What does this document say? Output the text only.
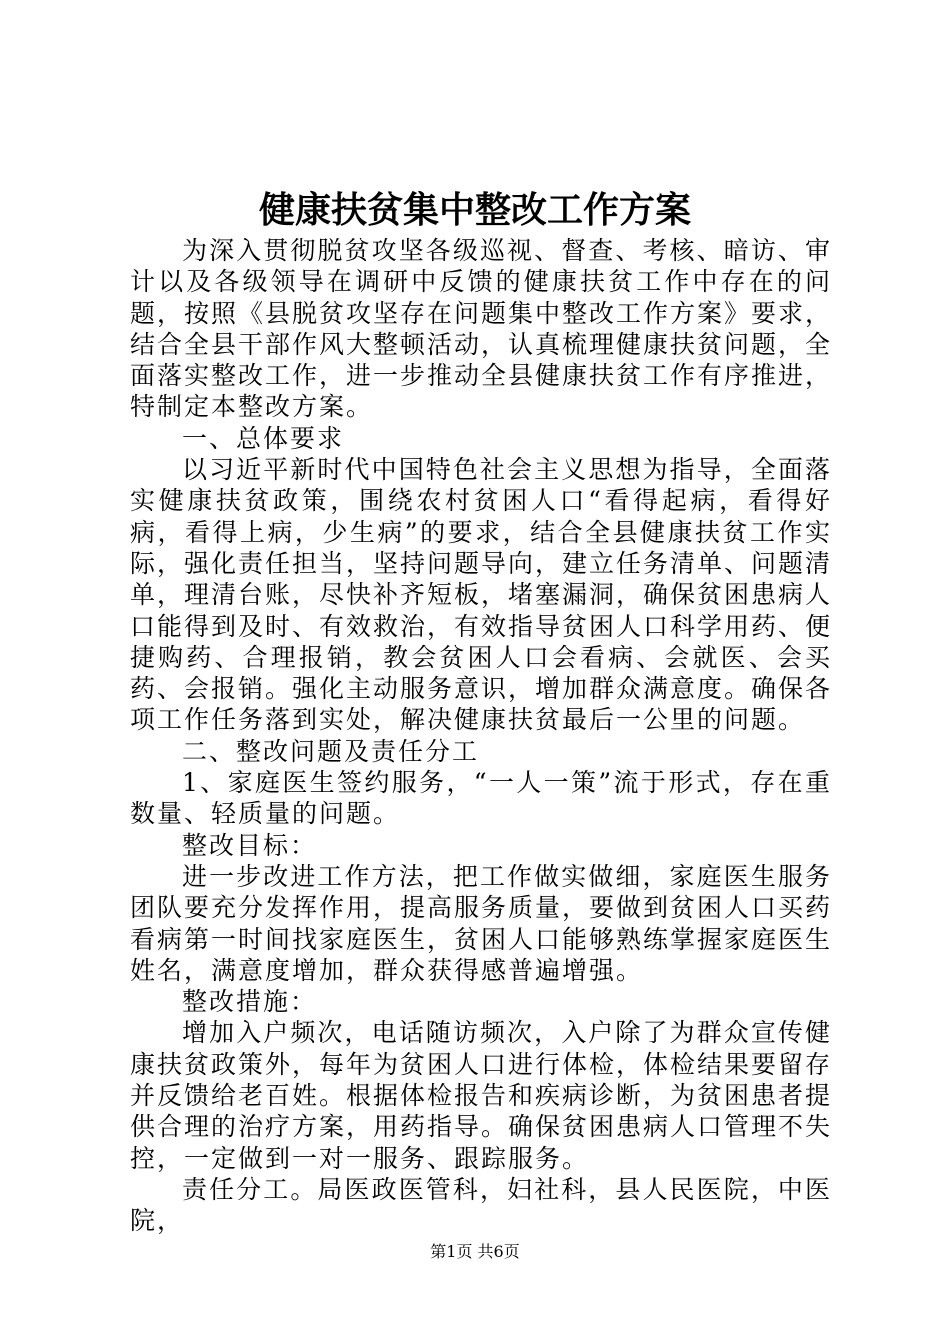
健康扶贫集中整改工作方案

为深入贯彻脱贫攻坚各级巡视、督查、考核、暗访、审计以及各级领导在调研中反馈的健康扶贫工作中存在的问题，按照《县脱贫攻坚存在问题集中整改工作方案》要求，结合全县干部作风大整顿活动，认真梳理健康扶贫问题，全面落实整改工作，进一步推动全县健康扶贫工作有序推进，特制定本整改方案。

一、总体要求

以习近平新时代中国特色社会主义思想为指导，全面落实健康扶贫政策，围绕农村贫困人口“看得起病，看得好病，看得上病，少生病”的要求，结合全县健康扶贫工作实际，强化责任担当，坚持问题导向，建立任务清单、问题清单，理清台账，尽快补齐短板，堵塞漏洞，确保贫困患病人口能得到及时、有效救治，有效指导贫困人口科学用药、便捷购药、合理报销，教会贫困人口会看病、会就医、会买药、会报销。强化主动服务意识，增加群众满意度。确保各项工作任务落到实处，解决健康扶贫最后一公里的问题。

二、整改问题及责任分工

1、家庭医生签约服务，“一人一策”流于形式，存在重数量、轻质量的问题。

整改目标：

进一步改进工作方法，把工作做实做细，家庭医生服务团队要充分发挥作用，提高服务质量，要做到贫困人口买药看病第一时间找家庭医生，贫困人口能够熟练掌握家庭医生姓名，满意度增加，群众获得感普遍增强。

整改措施：

增加入户频次，电话随访频次，入户除了为群众宣传健康扶贫政策外，每年为贫困人口进行体检，体检结果要留存并反馈给老百姓。根据体检报告和疾病诊断，为贫困患者提供合理的治疗方案，用药指导。确保贫困患病人口管理不失控，一定做到一对一服务、跟踪服务。

责任分工。局医政医管科，妇社科，县人民医院，中医院，

第1页 共6页
